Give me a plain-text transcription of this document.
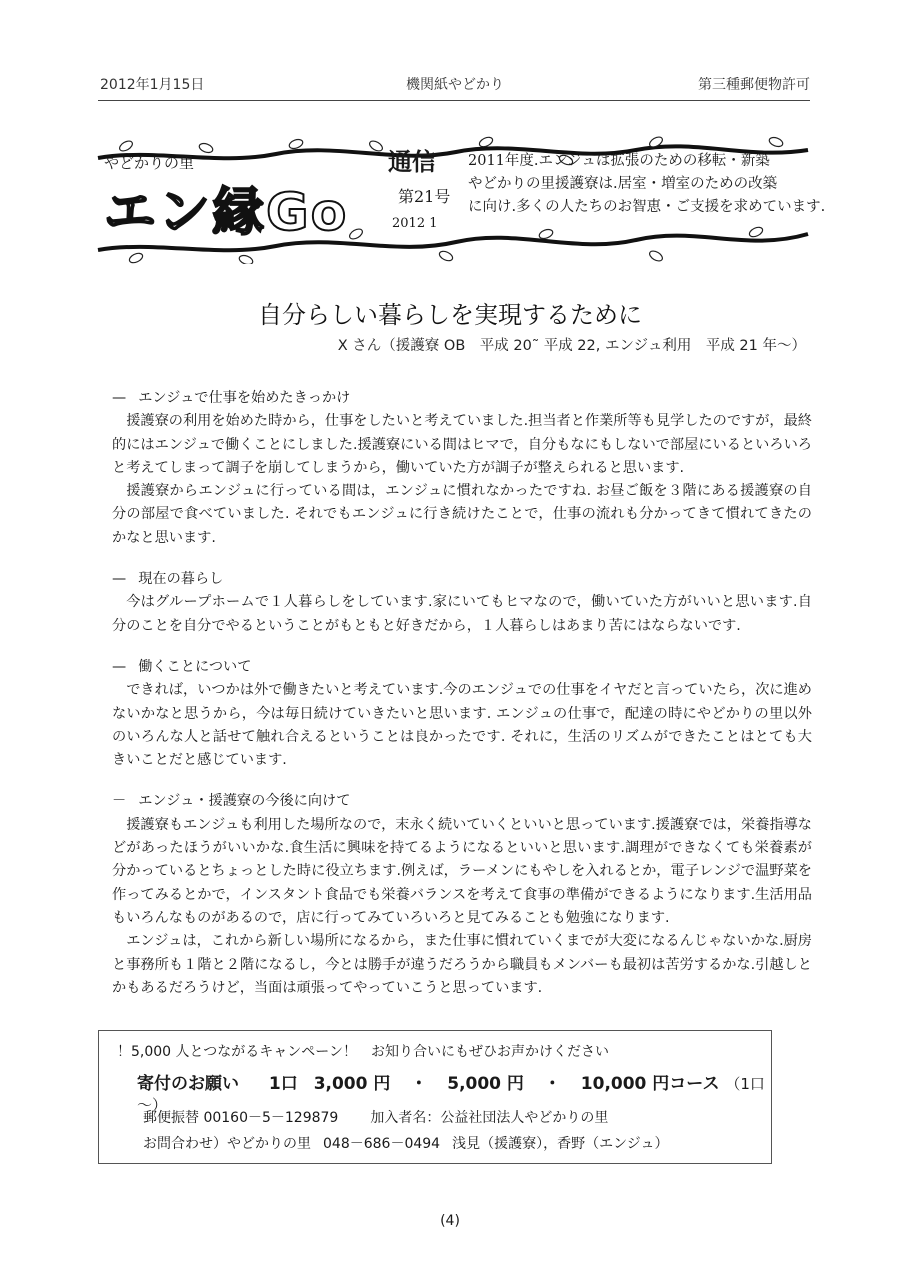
2012年1月15日	機関紙やどかり	第三種郵便物許可
やどかりの里
エン縁Go
通信
第21号
2012 1
2011年度.エンジュは拡張のための移転・新築
やどかりの里援護寮は.居室・増室のための改築
に向け.多くの人たちのお智恵・ご支援を求めています.
自分らしい暮らしを実現するために
X さん（援護寮 OB　平成 20˜ 平成 22, エンジュ利用　平成 21 年～）
— エンジュで仕事を始めたきっかけ

援護寮の利用を始めた時から，仕事をしたいと考えていました.担当者と作業所等も見学したのですが，最終的にはエンジュで働くことにしました.援護寮にいる間はヒマで，自分もなにもしないで部屋にいるといろいろと考えてしまって調子を崩してしまうから，働いていた方が調子が整えられると思います.

援護寮からエンジュに行っている間は，エンジュに慣れなかったですね. お昼ご飯を３階にある援護寮の自分の部屋で食べていました. それでもエンジュに行き続けたことで，仕事の流れも分かってきて慣れてきたのかなと思います.

— 現在の暮らし

今はグループホームで１人暮らしをしています.家にいてもヒマなので，働いていた方がいいと思います.自分のことを自分でやるということがもともと好きだから，１人暮らしはあまり苦にはならないです.

— 働くことについて

できれば，いつかは外で働きたいと考えています.今のエンジュでの仕事をイヤだと言っていたら，次に進めないかなと思うから，今は毎日続けていきたいと思います. エンジュの仕事で，配達の時にやどかりの里以外のいろんな人と話せて触れ合えるということは良かったです. それに，生活のリズムができたことはとても大きいことだと感じています.

－ エンジュ・援護寮の今後に向けて

援護寮もエンジュも利用した場所なので，末永く続いていくといいと思っています.援護寮では，栄養指導などがあったほうがいいかな.食生活に興味を持てるようになるといいと思います.調理ができなくても栄養素が分かっているとちょっとした時に役立ちます.例えば，ラーメンにもやしを入れるとか，電子レンジで温野菜を作ってみるとかで，インスタント食品でも栄養バランスを考えて食事の準備ができるようになります.生活用品もいろんなものがあるので，店に行ってみていろいろと見てみることも勉強になります.

エンジュは，これから新しい場所になるから，また仕事に慣れていくまでが大変になるんじゃないかな.厨房と事務所も１階と２階になるし，今とは勝手が違うだろうから職員もメンバーも最初は苦労するかな.引越しとかもあるだろうけど，当面は頑張ってやっていこうと思っています.

！5,000 人とつながるキャンペーン！　お知り合いにもぜひお声かけください
寄付のお願い 1口 3,000 円 ・ 5,000 円 ・ 10,000 円コース （1口～）
郵便振替 00160－5－129879 加入者名：公益社団法人やどかりの里
お問合わせ）やどかりの里 048－686－0494 浅見（援護寮），香野（エンジュ）
(4)
